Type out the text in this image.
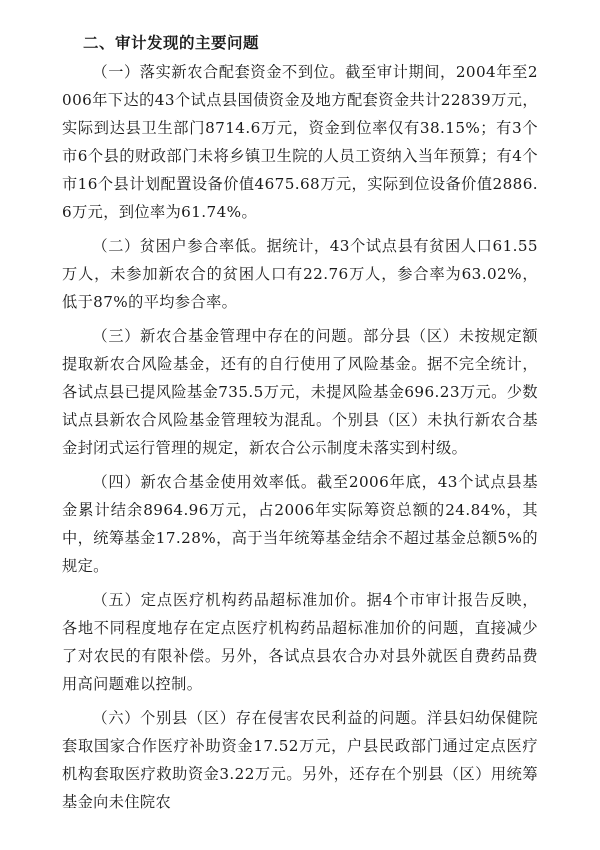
二、审计发现的主要问题

（一）落实新农合配套资金不到位。截至审计期间，2004年至2006年下达的43个试点县国债资金及地方配套资金共计22839万元，实际到达县卫生部门8714.6万元，资金到位率仅有38.15%；有3个市6个县的财政部门未将乡镇卫生院的人员工资纳入当年预算；有4个市16个县计划配置设备价值4675.68万元，实际到位设备价值2886.6万元，到位率为61.74%。

（二）贫困户参合率低。据统计，43个试点县有贫困人口61.55万人，未参加新农合的贫困人口有22.76万人，参合率为63.02%，低于87%的平均参合率。

（三）新农合基金管理中存在的问题。部分县（区）未按规定额提取新农合风险基金，还有的自行使用了风险基金。据不完全统计，各试点县已提风险基金735.5万元，未提风险基金696.23万元。少数试点县新农合风险基金管理较为混乱。个别县（区）未执行新农合基金封闭式运行管理的规定，新农合公示制度未落实到村级。

（四）新农合基金使用效率低。截至2006年底，43个试点县基金累计结余8964.96万元，占2006年实际筹资总额的24.84%，其中，统筹基金17.28%，高于当年统筹基金结余不超过基金总额5%的规定。

（五）定点医疗机构药品超标准加价。据4个市审计报告反映，各地不同程度地存在定点医疗机构药品超标准加价的问题，直接减少了对农民的有限补偿。另外，各试点县农合办对县外就医自费药品费用高问题难以控制。

（六）个别县（区）存在侵害农民利益的问题。洋县妇幼保健院套取国家合作医疗补助资金17.52万元，户县民政部门通过定点医疗机构套取医疗救助资金3.22万元。另外，还存在个别县（区）用统筹基金向未住院农
